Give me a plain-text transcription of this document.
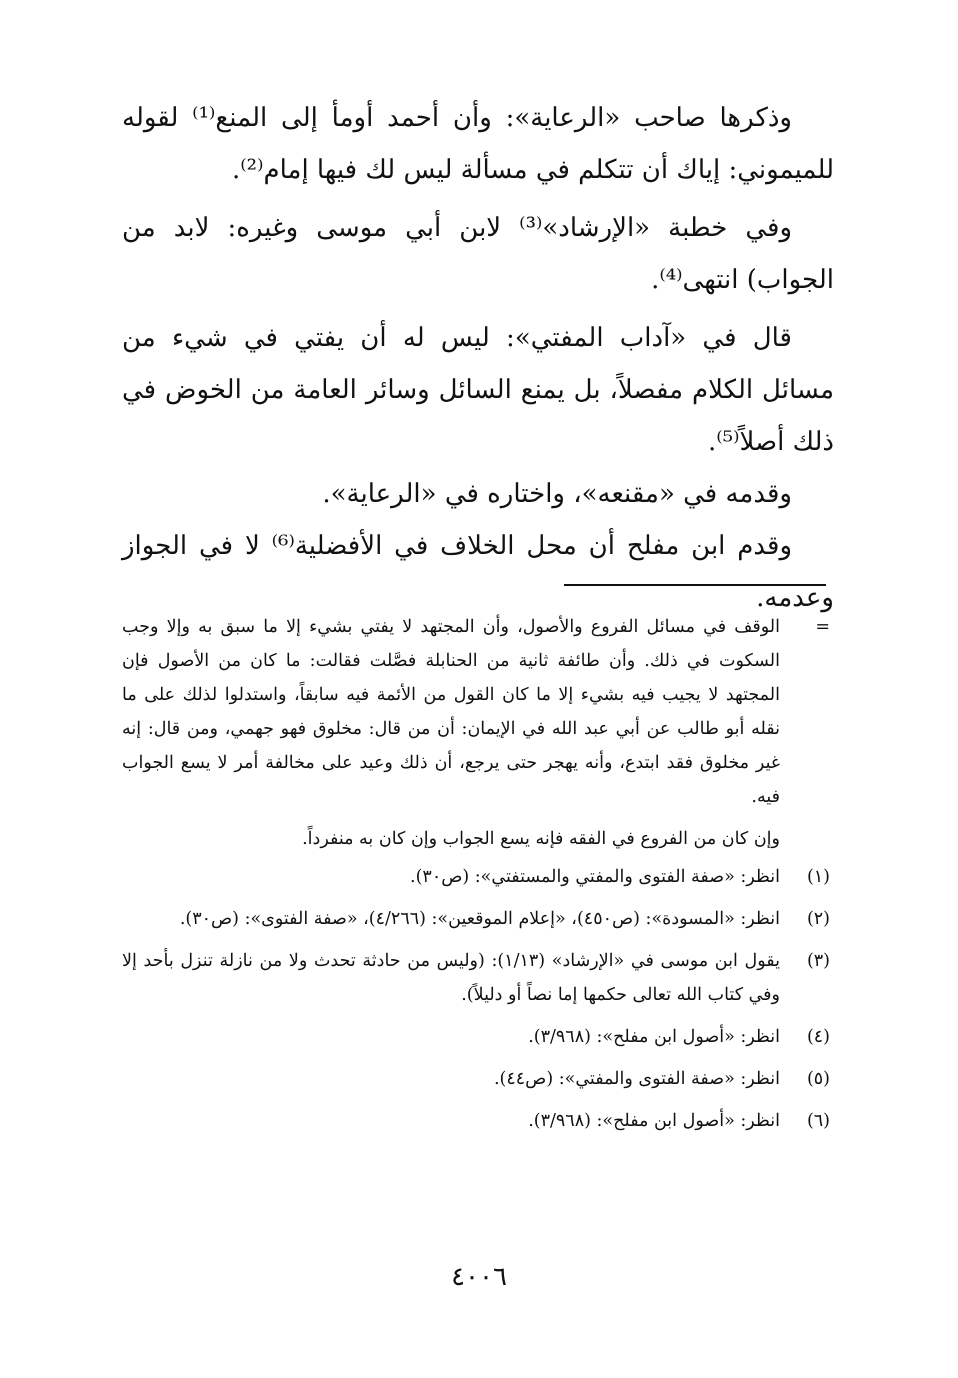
وذكرها صاحب «الرعاية»: وأن أحمد أومأ إلى المنع⁽¹⁾ لقوله للميموني: إياك أن تتكلم في مسألة ليس لك فيها إمام⁽²⁾.

وفي خطبة «الإرشاد»⁽³⁾ لابن أبي موسى وغيره: لابد من الجواب) انتهى⁽⁴⁾.

قال في «آداب المفتي»: ليس له أن يفتي في شيء من مسائل الكلام مفصلاً، بل يمنع السائل وسائر العامة من الخوض في ذلك أصلاً⁽⁵⁾.

وقدمه في «مقنعه»، واختاره في «الرعاية».

وقدم ابن مفلح أن محل الخلاف في الأفضلية⁽⁶⁾ لا في الجواز وعدمه.

=
الوقف في مسائل الفروع والأصول، وأن المجتهد لا يفتي بشيء إلا ما سبق به وإلا وجب السكوت في ذلك. وأن طائفة ثانية من الحنابلة فصَّلت فقالت: ما كان من الأصول فإن المجتهد لا يجيب فيه بشيء إلا ما كان القول من الأئمة فيه سابقاً، واستدلوا لذلك على ما نقله أبو طالب عن أبي عبد الله في الإيمان: أن من قال: مخلوق فهو جهمي، ومن قال: إنه غير مخلوق فقد ابتدع، وأنه يهجر حتى يرجع، أن ذلك وعيد على مخالفة أمر لا يسع الجواب فيه.
وإن كان من الفروع في الفقه فإنه يسع الجواب وإن كان به منفرداً.
(١)
انظر: «صفة الفتوى والمفتي والمستفتي»: (ص٣٠).
(٢)
انظر: «المسودة»: (ص٤٥٠)، «إعلام الموقعين»: (٤/٢٦٦)، «صفة الفتوى»: (ص٣٠).
(٣)
يقول ابن موسى في «الإرشاد» (١/١٣): (وليس من حادثة تحدث ولا من نازلة تنزل بأحد إلا وفي كتاب الله تعالى حكمها إما نصاً أو دليلاً).
(٤)
انظر: «أصول ابن مفلح»: (٣/٩٦٨).
(٥)
انظر: «صفة الفتوى والمفتي»: (ص٤٤).
(٦)
انظر: «أصول ابن مفلح»: (٣/٩٦٨).
٤٠٠٦
